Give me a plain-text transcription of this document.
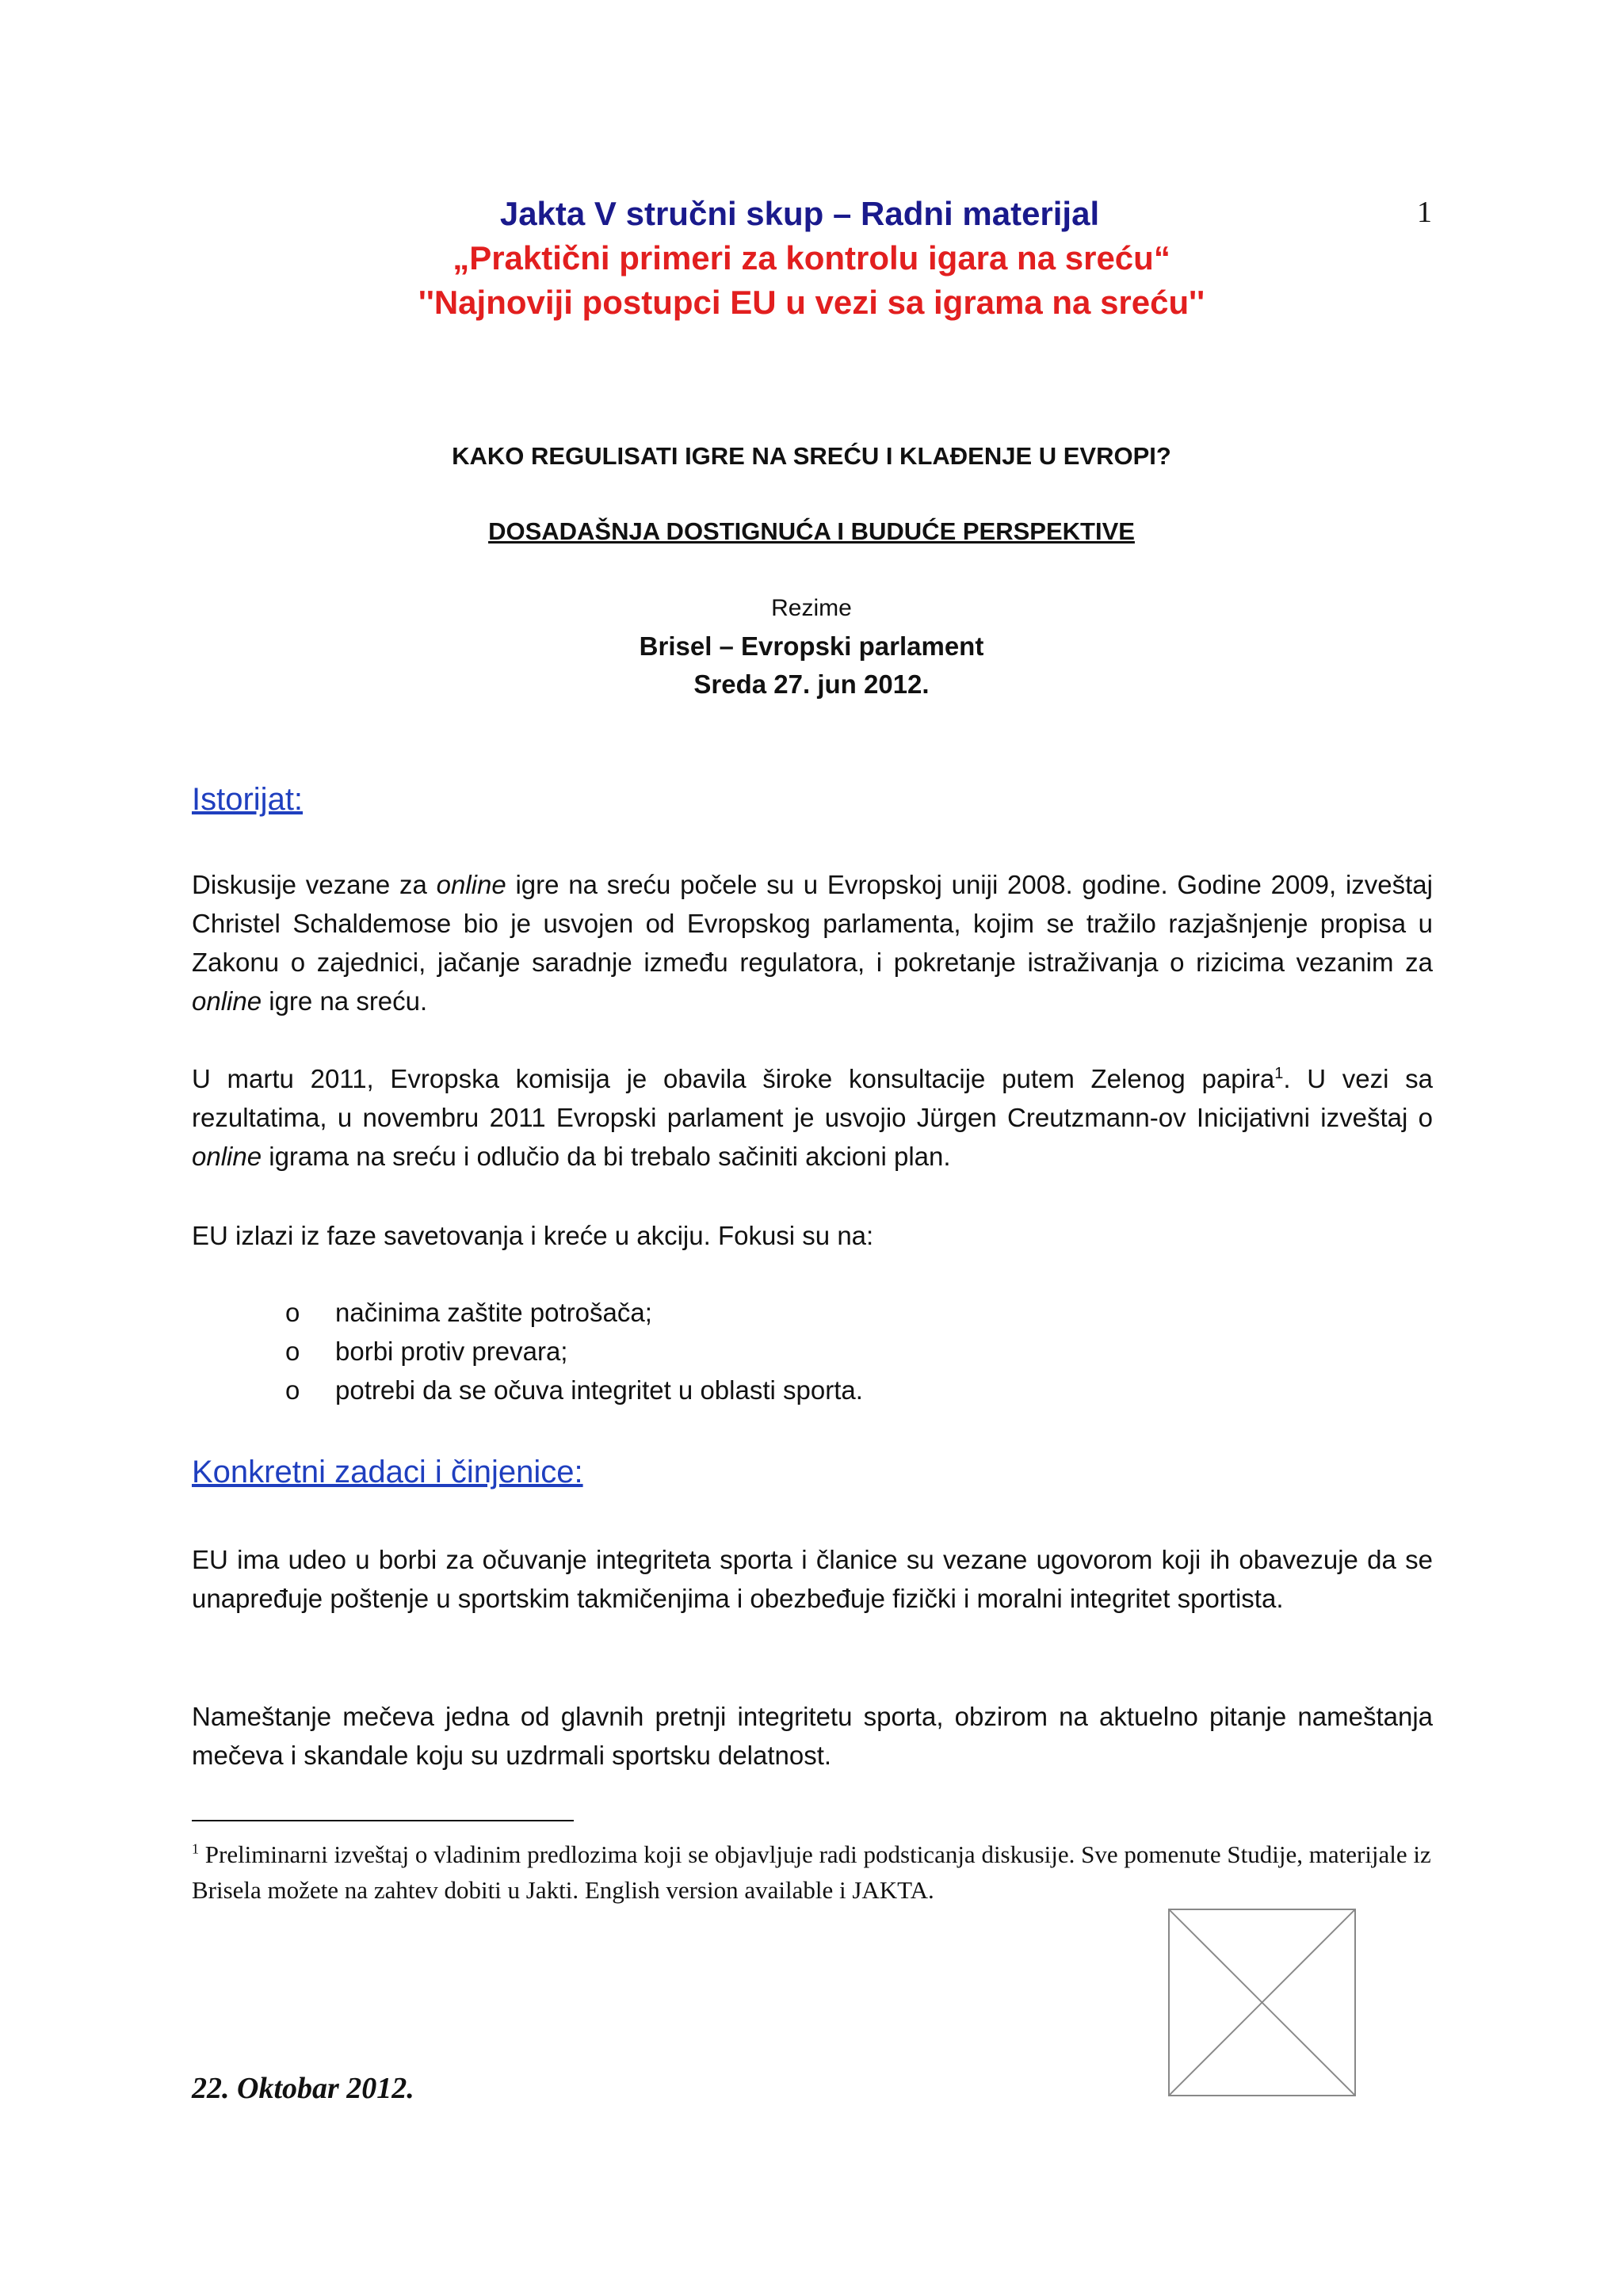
1
Jakta V stručni skup – Radni materijal
„Praktični primeri za kontrolu igara na sreću“
''Najnoviji postupci EU u vezi sa igrama na sreću''
KAKO REGULISATI IGRE NA SREĆU I KLAĐENJE U EVROPI?
DOSADAŠNJA DOSTIGNUĆA I BUDUĆE PERSPEKTIVE
Rezime
Brisel – Evropski parlament
Sreda 27. jun 2012.
Istorijat:
Diskusije vezane za online igre na sreću počele su u Evropskoj uniji 2008. godine. Godine 2009, izveštaj Christel Schaldemose bio je usvojen od Evropskog parlamenta, kojim se tražilo razjašnjenje propisa u Zakonu o zajednici, jačanje saradnje između regulatora, i pokretanje istraživanja o rizicima vezanim za online igre na sreću.
U martu 2011, Evropska komisija je obavila široke konsultacije putem Zelenog papira$^1$. U vezi sa rezultatima, u novembru 2011 Evropski parlament je usvojio Jürgen Creutzmann-ov Inicijativni izveštaj o online igrama na sreću i odlučio da bi trebalo sačiniti akcioni plan.
EU izlazi iz faze savetovanja i kreće u akciju. Fokusi su na:
o	načinima zaštite potrošača;
o	borbi protiv prevara;
o	potrebi da se očuva integritet u oblasti sporta.
Konkretni zadaci i činjenice:
EU ima udeo u borbi za očuvanje integriteta sporta i članice su vezane ugovorom koji ih obavezuje da se unapređuje poštenje u sportskim takmičenjima i obezbeđuje fizički i moralni integritet sportista.
Nameštanje mečeva jedna od glavnih pretnji integritetu sporta, obzirom na aktuelno pitanje nameštanja mečeva i skandale koju su uzdrmali sportsku delatnost.
$^1$ Preliminarni izveštaj o vladinim predlozima koji se objavljuje radi podsticanja diskusije. Sve pomenute Studije, materijale iz Brisela možete na zahtev dobiti u Jakti. English version available i JAKTA.
22. Oktobar 2012.
